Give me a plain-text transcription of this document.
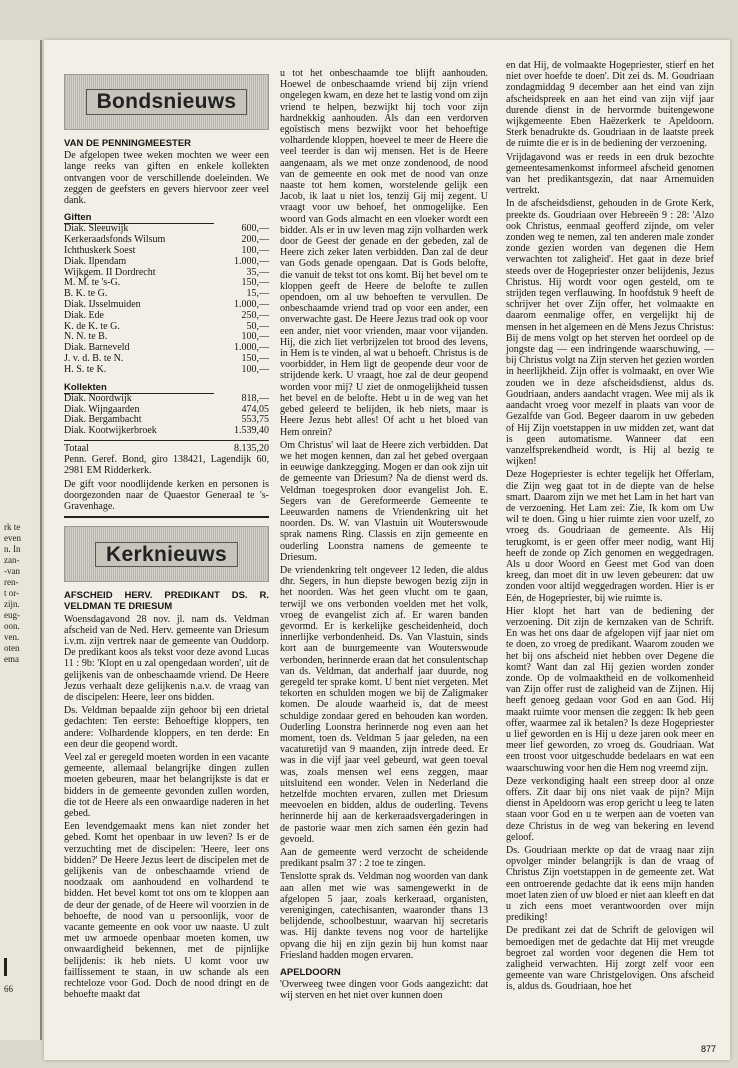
rk te
even
n. In
zan-
-van
ren-
t or-
zijn.
eug-
oon.
ven.
oten
ema
66
Bondsnieuws
VAN DE PENNINGMEESTER

De afgelopen twee weken mochten we weer een lange reeks van giften en enkele kollekten ontvangen voor de verschillende doeleinden. We zeggen de geefsters en gevers hiervoor zeer veel dank.

Giften
Diak. Sleeuwijk	600,—
Kerkeraadsfonds Wilsum	200,—
Ichthuskerk Soest	100,—
Diak. Ilpendam	1.000,—
Wijkgem. II Dordrecht	35,—
M. M. te 's-G.	150,—
B. K. te G.	15,—
Diak. IJsselmuiden	1.000,—
Diak. Ede	250,—
K. de K. te G.	50,—
N. N. te B.	100,—
Diak. Barneveld	1.000,—
J. v. d. B. te N.	150,—
H. S. te K.	100,—
Kollekten
Diak. Noordwijk	818,—
Diak. Wijngaarden	474,05
Diak. Bergambacht	553,75
Diak. Kootwijkerbroek	1.539,40
Totaal	8.135,20

Penn. Geref. Bond, giro 138421, Lagendijk 60, 2981 EM Ridderkerk.

De gift voor noodlijdende kerken en personen is doorgezonden naar de Quaestor Generaal te 's-Gravenhage.

Kerknieuws
AFSCHEID HERV. PREDIKANT DS. R. VELDMAN TE DRIESUM

Woensdagavond 28 nov. jl. nam ds. Veldman afscheid van de Ned. Herv. gemeente van Driesum i.v.m. zijn vertrek naar de gemeente van Ouddorp. De predikant koos als tekst voor deze avond Lucas 11 : 9b: 'Klopt en u zal opengedaan worden', uit de gelijkenis van de onbeschaamde vriend. De Heere Jezus verhaalt deze gelijkenis n.a.v. de vraag van de discipelen: Heere, leer ons bidden.

Ds. Veldman bepaalde zijn gehoor bij een drietal gedachten: Ten eerste: Behoeftige kloppers, ten andere: Volhardende kloppers, en ten derde: En een deur die geopend wordt.

Veel zal er geregeld moeten worden in een vacante gemeente, allemaal belangrijke dingen zullen moeten gebeuren, maar het belangrijkste is dat er bidders in de gemeente gevonden zullen worden, die tot de Heere als een onwaardige naderen in het gebed.

Een levendgemaakt mens kan niet zonder het gebed. Komt het openbaar in uw leven? Is er de verzuchting met de discipelen: 'Heere, leer ons bidden?' De Heere Jezus leert de discipelen met de gelijkenis van de onbeschaamde vriend de noodzaak om aanhoudend en volhardend te bidden. Het bevel komt tot ons om te kloppen aan de deur der genade, of de Heere wil voorzien in de behoefte, de nood van u persoonlijk, voor de vacante gemeente en ook voor uw naaste. U zult met uw armoede openbaar moeten komen, uw onwaardigheid bekennen, met de pijnlijke belijdenis: ik heb niets. U komt voor uw faillissement te staan, in uw schande als een rechteloze voor God. Doch de nood dringt en de behoefte maakt dat

u tot het onbeschaamde toe blijft aanhouden. Hoewel de onbeschaamde vriend bij zijn vriend ongelegen kwam, en deze het te lastig vond om zijn vriend te helpen, bezwijkt hij toch voor zijn hardnekkig aanhouden. Als dan een verdorven egoïstisch mens bezwijkt voor het behoeftige volhardende kloppen, hoeveel te meer de Heere die veel teerder is dan wij mensen. Het is de Heere aangenaam, als we met onze zondenood, de nood van de gemeente en ook met de nood van onze naaste tot hem komen, worstelende gelijk een Jacob, ik laat u niet los, tenzij Gij mij zegent. U vraagt voor uw behoef, het onmogelijke. Een woord van Gods almacht en een vloeker wordt een bidder. Als er in uw leven mag zijn volharden werk door de Geest der genade en der gebeden, zal de Heere zich zeker laten verbidden. Dan zal de deur van Gods genade opengaan. Dat is Gods belofte, die vanuit de tekst tot ons komt. Bij het bevel om te kloppen geeft de Heere de belofte te zullen opendoen, om al uw behoeften te vervullen. De onbeschaamde vriend trad op voor een ander, een onverwachte gast. De Heere Jezus trad ook op voor een ander, niet voor vrienden, maar voor vijanden. Hij, die zich liet verbrijzelen tot brood des levens, in Hem is te vinden, al wat u behoeft. Christus is de voorbidder, in Hem ligt de geopende deur voor de strijdende kerk. U vraagt, hoe zal de deur geopend worden voor mij? U ziet de onmogelijkheid tussen het bevel en de belofte. Hebt u in de weg van het gebed geleerd te belijden, ik heb niets, maar is Heere Jezus hebt alles! Of acht u het bloed van Hem onrein?

Om Christus' wil laat de Heere zich verbidden. Dat we het mogen kennen, dan zal het gebed overgaan in eeuwige dankzegging. Mogen er dan ook zijn uit de gemeente van Driesum? Na de dienst werd ds. Veldman toegesproken door evangelist Joh. E. Segers van de Gereformeerde Gemeente te Leeuwarden namens de Vriendenkring uit het noorden. Ds. W. van Vlastuin uit Wouterswoude sprak namens Ring. Classis en zijn gemeente en ouderling Loonstra namens de gemeente te Driesum.

De vriendenkring telt ongeveer 12 leden, die aldus dhr. Segers, in hun diepste bewogen bezig zijn in het noorden. Was het geen vlucht om te gaan, terwijl we ons verbonden voelden met het volk, vroeg de evangelist zich af. Er waren banden gevormd. Er is kerkelijke gescheidenheid, doch innerlijke verbondenheid. Ds. Van Vlastuin, sinds kort aan de buurgemeente van Wouterswoude verbonden, herinnerde eraan dat het consulentschap van ds. Veldman, dat anderhalf jaar duurde, nog geregeld ter sprake komt. U bent niet vergeten. Met tekorten en schulden mogen we bij de Zaligmaker komen. De aloude waarheid is, dat de meest schuldige zondaar gered en behouden kan worden. Ouderling Loonstra herinnerde nog even aan het moment, toen ds. Veldman 5 jaar geleden, na een vacaturetijd van 9 maanden, zijn intrede deed. Er was in die vijf jaar veel gebeurd, wat geen toeval was, zoals mensen wel eens zeggen, maar uitsluitend een wonder. Velen in Nederland die hetzelfde mochten ervaren, zullen met Driesum meevoelen en bidden, aldus de ouderling. Tevens herinnerde hij aan de kerkeraadsvergaderingen in de pastorie waar men zich samen één gezin had gevoeld.

Aan de gemeente werd verzocht de scheidende predikant psalm 37 : 2 toe te zingen.

Tenslotte sprak ds. Veldman nog woorden van dank aan allen met wie was samengewerkt in de afgelopen 5 jaar, zoals kerkeraad, organisten, verenigingen, catechisanten, waaronder thans 13 belijdende, schoolbestuur, waarvan hij secretaris was. Hij dankte tevens nog voor de hartelijke opvang die hij en zijn gezin bij hun komst naar Friesland hadden mogen ervaren.

APELDOORN

'Overweeg twee dingen voor Gods aangezicht: dat wij sterven en het niet over kunnen doen

en dat Hij, de volmaakte Hogepriester, stierf en het niet over hoefde te doen'. Dit zei ds. M. Goudriaan zondagmiddag 9 december aan het eind van zijn afscheidspreek en aan het eind van zijn vijf jaar durende dienst in de hervormde buitengewone wijkgemeente Eben Haëzerkerk te Apeldoorn. Sterk benadrukte ds. Goudriaan in de laatste preek de ruimte die er is in de bediening der verzoening.

Vrijdagavond was er reeds in een druk bezochte gemeentesamenkomst informeel afscheid genomen van het predikantsgezin, dat naar Arnemuiden vertrekt.

In de afscheidsdienst, gehouden in de Grote Kerk, preekte ds. Goudriaan over Hebreeën 9 : 28: 'Alzo ook Christus, eenmaal geofferd zijnde, om veler zonden weg te nemen, zal ten anderen male zonder zonde gezien worden van degenen die Hem verwachten tot zaligheid'. Het gaat in deze brief steeds over de Hogepriester onzer belijdenis, Jezus Christus. Hij wordt voor ogen gesteld, om te strijden tegen verflauwing. In hoofdstuk 9 heeft de schrijver het over Zijn offer, het volmaakte en daarom eenmalige offer, en vergelijkt hij de mensen in het algemeen en dè Mens Jezus Christus: Bij de mens volgt op het sterven het oordeel op de jongste dag — een indringende waarschuwing, — bij Christus volgt na Zijn sterven het gezien worden in heerlijkheid. Zijn offer is volmaakt, en over Wie zouden we in deze afscheidsdienst, aldus ds. Goudriaan, anders aandacht vragen. Wee mij als ik aandacht vroeg voor mezelf in plaats van voor de Gezalfde van God. Begeer daarom in uw gebeden of Hij Zijn voetstappen in uw midden zet, want dat is geen automatisme. Wanneer dat een vanzelfsprekendheid wordt, is Hij al bezig te wijken!

Deze Hogepriester is echter tegelijk het Offerlam, die Zijn weg gaat tot in de diepte van de helse smart. Daarom zijn we met het Lam in het hart van de verzoening. Het Lam zei: Zie, Ik kom om Uw wil te doen. Ging u hier ruimte zien voor uzelf, zo vroeg ds. Goudriaan de gemeente. Als Hij terugkomt, is er geen offer meer nodig, want Hij heeft de zonde op Zich genomen en weggedragen. Als u door Woord en Geest met God van doen kreeg, dan moet dit in uw leven gebeuren: dat uw zonden voor altijd weggedragen worden. Hier is er Eén, de Hogepriester, bij wie ruimte is.

Hier klopt het hart van de bediening der verzoening. Dit zijn de kernzaken van de Schrift. En was het ons daar de afgelopen vijf jaar niet om te doen, zo vroeg de predikant. Waarom zouden we het bij ons afscheid niet hebben over Degene die komt? Want dan zal Hij gezien worden zonder zonde. Op de volmaaktheid en de volkomenheid van Zijn offer rust de zaligheid van de Zijnen. Hij heeft genoeg gedaan voor God en aan God. Hij maakt ruimte voor mensen die zeggen: Ik heb geen offer, waarmee zal ik betalen? Is deze Hogepriester u lief geworden en is Hij u deze jaren ook meer en meer lief geworden, zo vroeg ds. Goudriaan. Wat een troost voor uitgeschudde bedelaars en wat een waarschuwing voor hen die Hem nog vreemd zijn.

Deze verkondiging haalt een streep door al onze offers. Zit daar bij ons niet vaak de pijn? Mijn dienst in Apeldoorn was erop gericht u leeg te laten staan voor God en u te werpen aan de voeten van deze Christus in de weg van bekering en levend geloof.

Ds. Goudriaan merkte op dat de vraag naar zijn opvolger minder belangrijk is dan de vraag of Christus Zijn voetstappen in de gemeente zet. Wat een ontroerende gedachte dat ik eens mijn handen moet laten zien of uw bloed er niet aan kleeft en dat u zich eens moet verantwoorden over mijn prediking!

De predikant zei dat de Schrift de gelovigen wil bemoedigen met de gedachte dat Hij met vreugde begroet zal worden voor degenen die Hem tot zaligheid verwachten. Hij zorgt zelf voor een gemeente van ware Christgelovigen. Ons afscheid is, aldus ds. Goudriaan, hoe het

877
